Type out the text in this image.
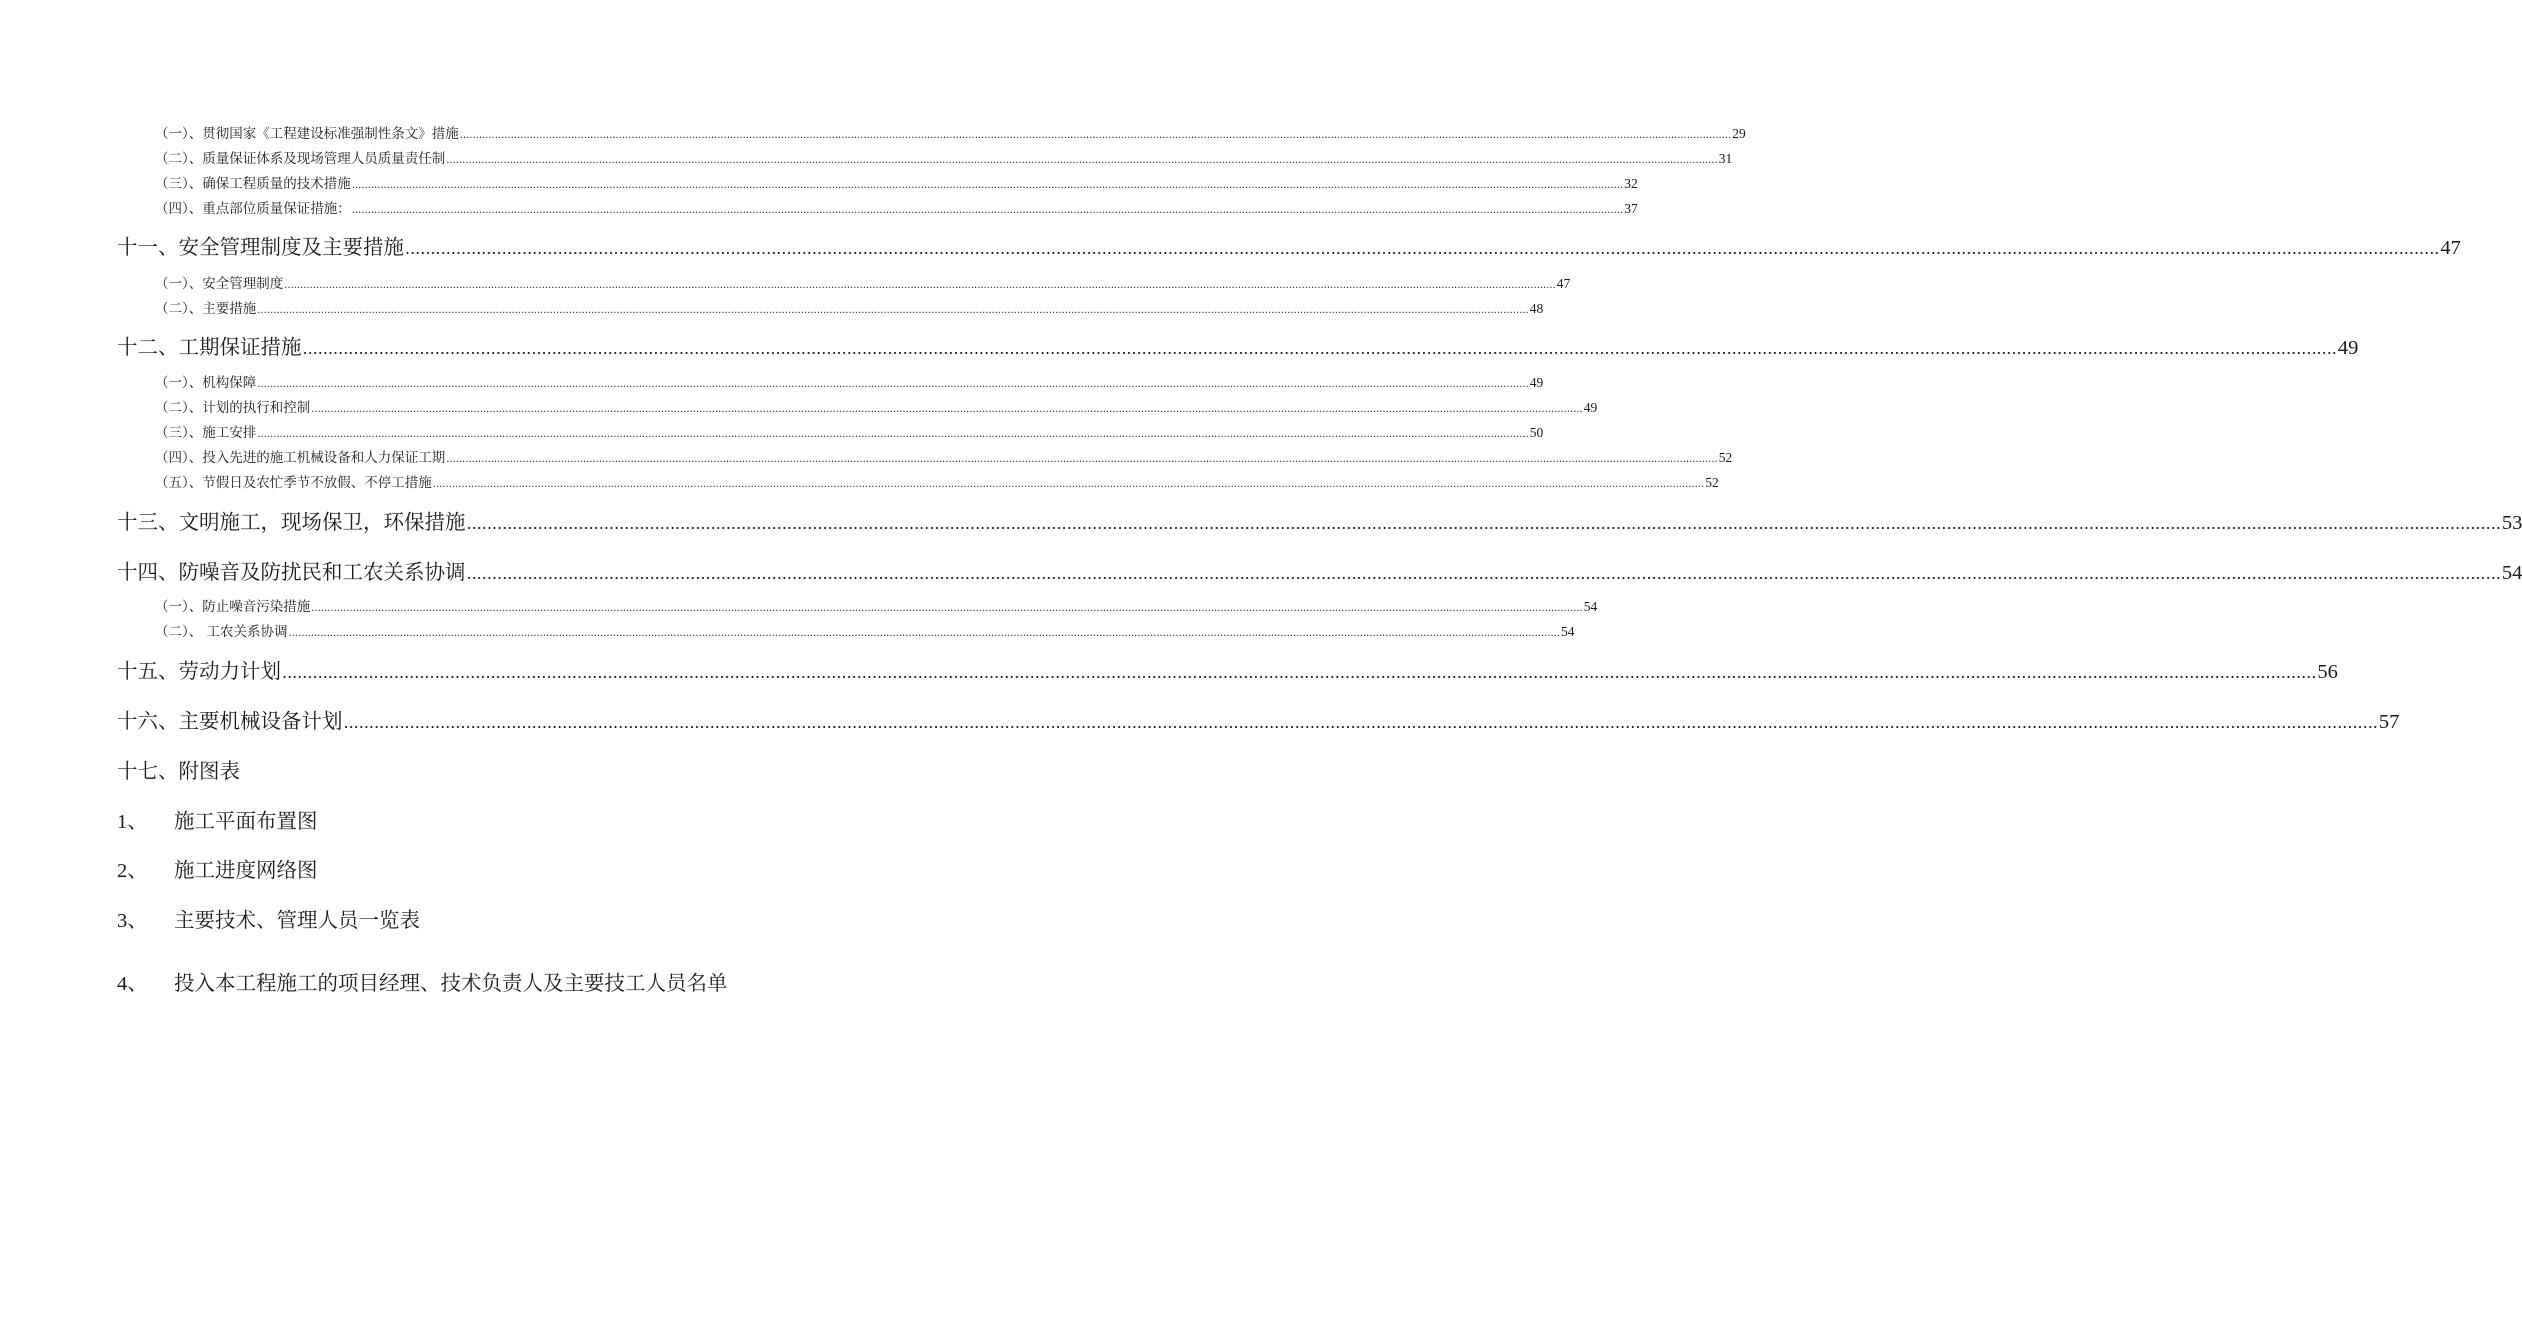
（一）、贯彻国家《工程建设标准强制性条文》措施 ................................................................................................................................................................................................................................................................................................................................................................................................................ 29
（二）、质量保证体系及现场管理人员质量责任制 ................................................................................................................................................................................................................................................................................................................................................................................................................ 31
（三）、确保工程质量的技术措施 ................................................................................................................................................................................................................................................................................................................................................................................................................ 32
（四）、重点部位质量保证措施： ................................................................................................................................................................................................................................................................................................................................................................................................................ 37
十一、安全管理制度及主要措施 ................................................................................................................................................................................................................................................................................................................................................................................................................ 47
（一）、安全管理制度 ................................................................................................................................................................................................................................................................................................................................................................................................................ 47
（二）、主要措施 ................................................................................................................................................................................................................................................................................................................................................................................................................ 48
十二、工期保证措施 ................................................................................................................................................................................................................................................................................................................................................................................................................ 49
（一）、机构保障 ................................................................................................................................................................................................................................................................................................................................................................................................................ 49
（二）、计划的执行和控制 ................................................................................................................................................................................................................................................................................................................................................................................................................ 49
（三）、施工安排 ................................................................................................................................................................................................................................................................................................................................................................................................................ 50
（四）、投入先进的施工机械设备和人力保证工期 ................................................................................................................................................................................................................................................................................................................................................................................................................ 52
（五）、节假日及农忙季节不放假、不停工措施 ................................................................................................................................................................................................................................................................................................................................................................................................................ 52
十三、文明施工，现场保卫，环保措施 ................................................................................................................................................................................................................................................................................................................................................................................................................ 53
十四、防噪音及防扰民和工农关系协调 ................................................................................................................................................................................................................................................................................................................................................................................................................ 54
（一）、防止噪音污染措施 ................................................................................................................................................................................................................................................................................................................................................................................................................ 54
（二）、 工农关系协调 ................................................................................................................................................................................................................................................................................................................................................................................................................ 54
十五、劳动力计划 ................................................................................................................................................................................................................................................................................................................................................................................................................ 56
十六、主要机械设备计划 ................................................................................................................................................................................................................................................................................................................................................................................................................ 57
十七、附图表
1、 施工平面布置图
2、 施工进度网络图
3、 主要技术、管理人员一览表
4、 投入本工程施工的项目经理、技术负责人及主要技工人员名单
